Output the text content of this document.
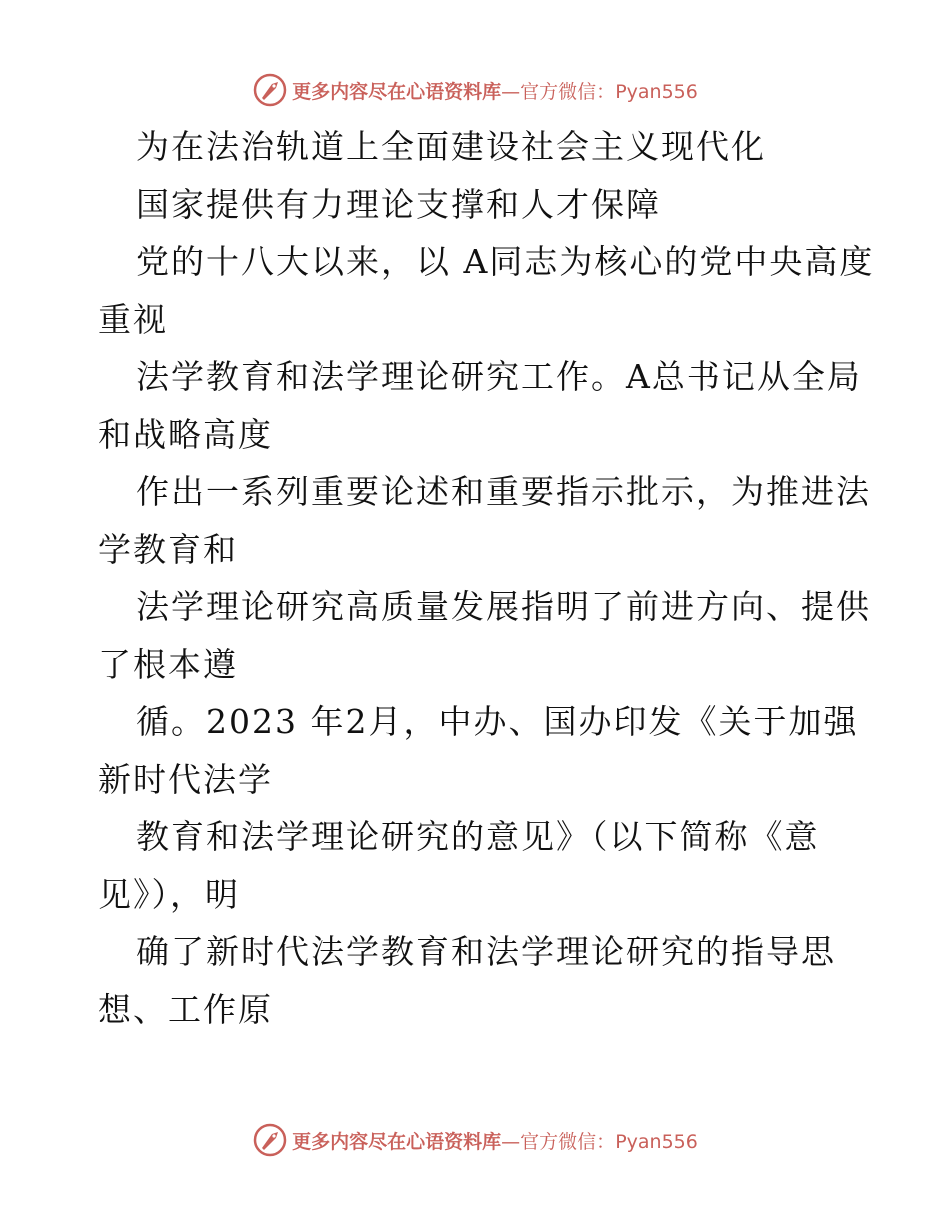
更多内容尽在心语资料库—官方微信：Pyan556

为在法治轨道上全面建设社会主义现代化

国家提供有力理论支撑和人才保障

党的十八大以来，以 A同志为核心的党中央高度重视

法学教育和法学理论研究工作。A总书记从全局和战略高度

作出一系列重要论述和重要指示批示，为推进法学教育和

法学理论研究高质量发展指明了前进方向、提供了根本遵

循。2023 年2月，中办、国办印发《关于加强新时代法学

教育和法学理论研究的意见》（以下简称《意见》），明

确了新时代法学教育和法学理论研究的指导思想、工作原

更多内容尽在心语资料库—官方微信：Pyan556
